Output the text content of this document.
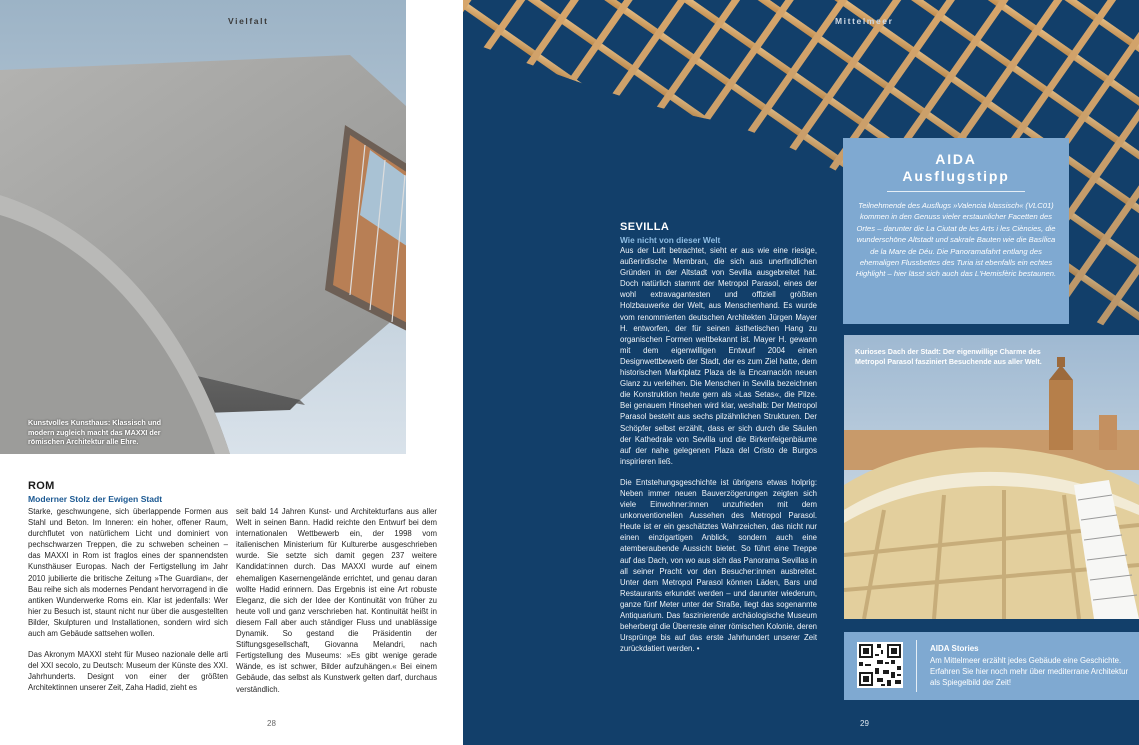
Vielfalt
Kunstvolles Kunsthaus: Klassisch und modern zugleich macht das MAXXI der römischen Architektur alle Ehre.
ROM
Moderner Stolz der Ewigen Stadt

Starke, geschwungene, sich überlappende Formen aus Stahl und Beton. Im Inneren: ein hoher, offener Raum, durchflutet von natürlichem Licht und dominiert von pechschwarzen Treppen, die zu schweben scheinen – das MAXXI in Rom ist fraglos eines der spannendsten Kunsthäuser Europas. Nach der Fertigstellung im Jahr 2010 jubilierte die britische Zeitung »The Guardian«, der Bau reihe sich als modernes Pendant hervorragend in die antiken Wunderwerke Roms ein. Klar ist jedenfalls: Wer hier zu Besuch ist, staunt nicht nur über die ausgestellten Bilder, Skulpturen und Installationen, sondern wird sich auch am Gebäude sattsehen wollen.

Das Akronym MAXXI steht für Museo nazionale delle arti del XXI secolo, zu Deutsch: Museum der Künste des XXI. Jahrhunderts. Designt von einer der größten Architektinnen unserer Zeit, Zaha Hadid, zieht es

seit bald 14 Jahren Kunst- und Architekturfans aus aller Welt in seinen Bann. Hadid reichte den Entwurf bei dem internationalen Wettbewerb ein, der 1998 vom italienischen Ministerium für Kulturerbe ausgeschrieben wurde. Sie setzte sich damit gegen 237 weitere Kandidat:innen durch. Das MAXXI wurde auf einem ehemaligen Kasernengelände errichtet, und genau daran wollte Hadid erinnern. Das Ergebnis ist eine Art robuste Eleganz, die sich der Idee der Kontinuität von früher zu heute voll und ganz verschrieben hat. Kontinuität heißt in diesem Fall aber auch ständiger Fluss und unablässige Dynamik. So gestand die Präsidentin der Stiftungsgesellschaft, Giovanna Melandri, nach Fertigstellung des Museums: »Es gibt wenige gerade Wände, es ist schwer, Bilder aufzuhängen.« Bei einem Gebäude, das selbst als Kunstwerk gelten darf, durchaus verständlich.

28
Mittelmeer
SEVILLA
Wie nicht von dieser Welt

Aus der Luft betrachtet, sieht er aus wie eine riesige, außerirdische Membran, die sich aus unerfindlichen Gründen in der Altstadt von Sevilla ausgebreitet hat. Doch natürlich stammt der Metropol Parasol, eines der wohl extravagantesten und offiziell größten Holzbauwerke der Welt, aus Menschenhand. Es wurde vom renommierten deutschen Architekten Jürgen Mayer H. entworfen, der für seinen ästhetischen Hang zu organischen Formen weltbekannt ist. Mayer H. gewann mit dem eigenwilligen Entwurf 2004 einen Designwettbewerb der Stadt, der es zum Ziel hatte, dem historischen Marktplatz Plaza de la Encarnación neuen Glanz zu verleihen. Die Menschen in Sevilla bezeichnen die Konstruktion heute gern als »Las Setas«, die Pilze. Bei genauem Hinsehen wird klar, weshalb: Der Metropol Parasol besteht aus sechs pilzähnlichen Strukturen. Der Schöpfer selbst erzählt, dass er sich durch die Säulen der Kathedrale von Sevilla und die Birkenfeigenbäume auf der nahe gelegenen Plaza del Cristo de Burgos inspirieren ließ.

Die Entstehungsgeschichte ist übrigens etwas holprig: Neben immer neuen Bauverzögerungen zeigten sich viele Einwohner:innen unzufrieden mit dem unkonventionellen Aussehen des Metropol Parasol. Heute ist er ein geschätztes Wahrzeichen, das nicht nur einen einzigartigen Anblick, sondern auch eine atemberaubende Aussicht bietet. So führt eine Treppe auf das Dach, von wo aus sich das Panorama Sevillas in all seiner Pracht vor den Besucher:innen ausbreitet. Unter dem Metropol Parasol können Läden, Bars und Restaurants erkundet werden – und darunter wiederum, ganze fünf Meter unter der Straße, liegt das sogenannte Antiquarium. Das faszinierende archäologische Museum beherbergt die Überreste einer römischen Kolonie, deren Ursprünge bis auf das erste Jahrhundert unserer Zeit zurückdatiert werden. •

AIDA
Ausflugstipp
Teilnehmende des Ausflugs »Valencia klassisch« (VLC01) kommen in den Genuss vieler erstaunlicher Facetten des Ortes – darunter die La Ciutat de les Arts i les Ciències, die wunderschöne Altstadt und sakrale Bauten wie die Basílica de la Mare de Déu. Die Panoramafahrt entlang des ehemaligen Flussbettes des Turia ist ebenfalls ein echtes Highlight – hier lässt sich auch das L'Hemisfèric bestaunen.
Kurioses Dach der Stadt: Der eigenwillige Charme des Metropol Parasol fasziniert Besuchende aus aller Welt.
AIDA Stories
Am Mittelmeer erzählt jedes Gebäude eine Geschichte. Erfahren Sie hier noch mehr über mediterrane Architektur als Spiegelbild der Zeit!
29
